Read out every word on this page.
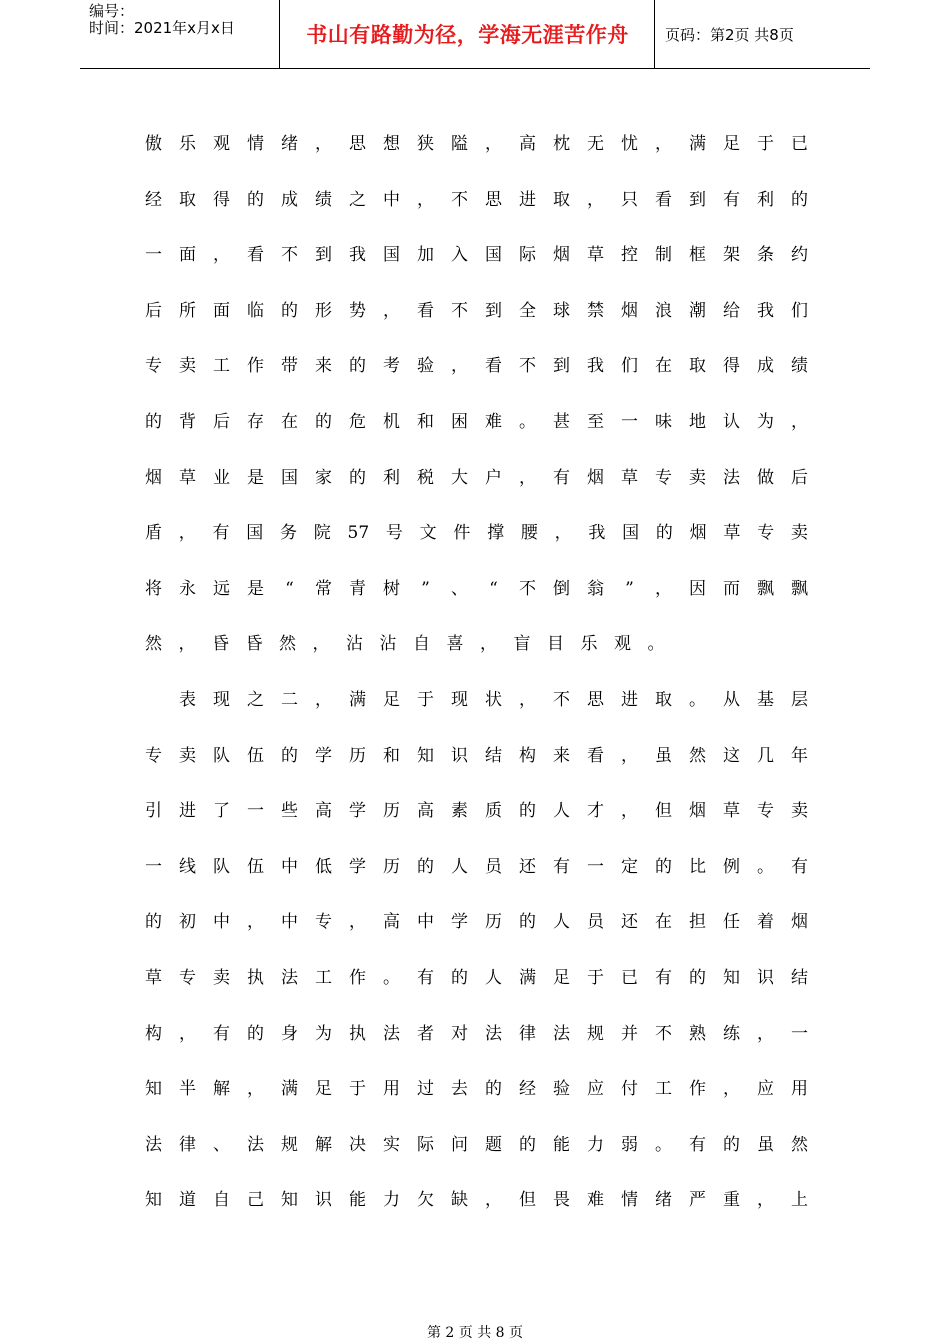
编号：
时间：2021年x月x日	书山有路勤为径，学海无涯苦作舟	页码：第2页 共8页
傲 乐 观 情 绪 ， 思 想 狭 隘 ， 高 枕 无 忧 ， 满 足 于 已
经 取 得 的 成 绩 之 中 ， 不 思 进 取 ， 只 看 到 有 利 的
一 面 ， 看 不 到 我 国 加 入 国 际 烟 草 控 制 框 架 条 约
后 所 面 临 的 形 势 ， 看 不 到 全 球 禁 烟 浪 潮 给 我 们
专 卖 工 作 带 来 的 考 验 ， 看 不 到 我 们 在 取 得 成 绩
的 背 后 存 在 的 危 机 和 困 难 。 甚 至 一 味 地 认 为 ，
烟 草 业 是 国 家 的 利 税 大 户 ， 有 烟 草 专 卖 法 做 后
盾 ， 有 国 务 院 57 号 文 件 撑 腰 ， 我 国 的 烟 草 专 卖
将 永 远 是 “ 常 青 树 ” 、 “ 不 倒 翁 ” ， 因 而 飘 飘
然 ， 昏 昏 然 ， 沾 沾 自 喜 ， 盲 目 乐 观 。
表 现 之 二 ， 满 足 于 现 状 ， 不 思 进 取 。 从 基 层
专 卖 队 伍 的 学 历 和 知 识 结 构 来 看 ， 虽 然 这 几 年
引 进 了 一 些 高 学 历 高 素 质 的 人 才 ， 但 烟 草 专 卖
一 线 队 伍 中 低 学 历 的 人 员 还 有 一 定 的 比 例 。 有
的 初 中 ， 中 专 ， 高 中 学 历 的 人 员 还 在 担 任 着 烟
草 专 卖 执 法 工 作 。 有 的 人 满 足 于 已 有 的 知 识 结
构 ， 有 的 身 为 执 法 者 对 法 律 法 规 并 不 熟 练 ， 一
知 半 解 ， 满 足 于 用 过 去 的 经 验 应 付 工 作 ， 应 用
法 律 、 法 规 解 决 实 际 问 题 的 能 力 弱 。 有 的 虽 然
知 道 自 己 知 识 能 力 欠 缺 ， 但 畏 难 情 绪 严 重 ， 上
第 2 页 共 8 页
